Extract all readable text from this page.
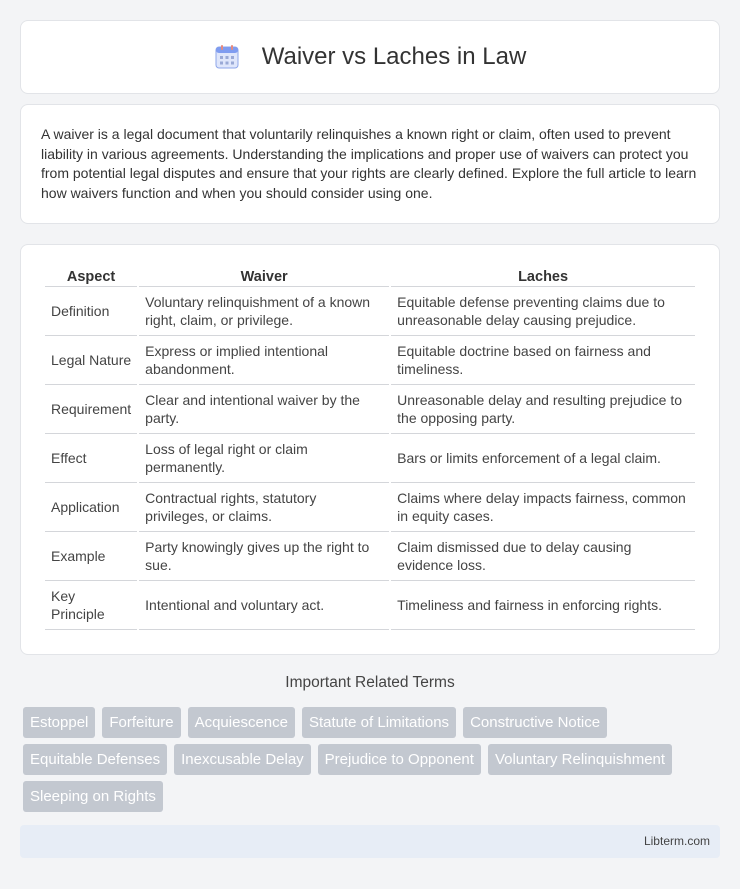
Waiver vs Laches in Law

A waiver is a legal document that voluntarily relinquishes a known right or claim, often used to prevent liability in various agreements. Understanding the implications and proper use of waivers can protect you from potential legal disputes and ensure that your rights are clearly defined. Explore the full article to learn how waivers function and when you should consider using one.

Aspect	Waiver	Laches
Definition	Voluntary relinquishment of a known right, claim, or privilege.	Equitable defense preventing claims due to unreasonable delay causing prejudice.
Legal Nature	Express or implied intentional abandonment.	Equitable doctrine based on fairness and timeliness.
Requirement	Clear and intentional waiver by the party.	Unreasonable delay and resulting prejudice to the opposing party.
Effect	Loss of legal right or claim permanently.	Bars or limits enforcement of a legal claim.
Application	Contractual rights, statutory privileges, or claims.	Claims where delay impacts fairness, common in equity cases.
Example	Party knowingly gives up the right to sue.	Claim dismissed due to delay causing evidence loss.
Key Principle	Intentional and voluntary act.	Timeliness and fairness in enforcing rights.
Important Related Terms
Estoppel	Forfeiture	Acquiescence	Statute of Limitations	Constructive Notice
Equitable Defenses	Inexcusable Delay	Prejudice to Opponent	Voluntary Relinquishment
Sleeping on Rights
Libterm.com
